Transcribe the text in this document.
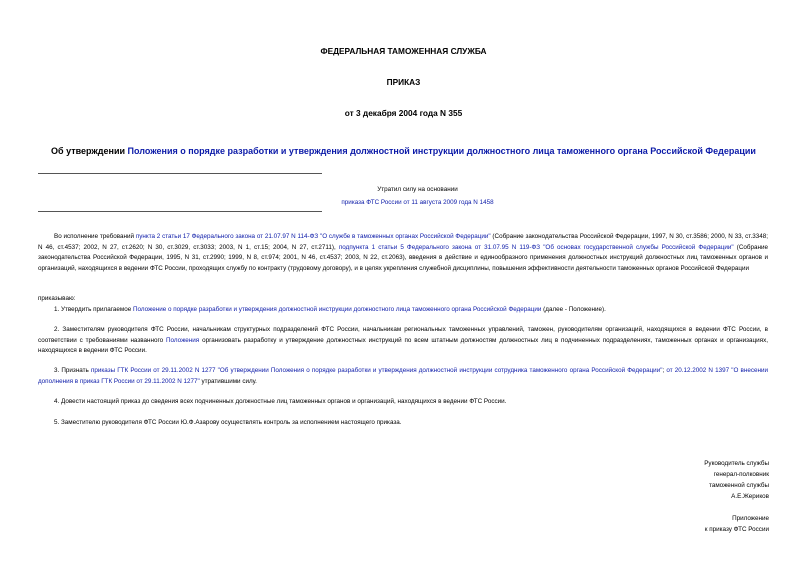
ФЕДЕРАЛЬНАЯ ТАМОЖЕННАЯ СЛУЖБА
ПРИКАЗ
от 3 декабря 2004 года N 355
Об утверждении Положения о порядке разработки и утверждения должностной инструкции должностного лица таможенного органа Российской Федерации
Утратил силу на основании
приказа ФТС России от 11 августа 2009 года N 1458
Во исполнение требований пункта 2 статьи 17 Федерального закона от 21.07.97 N 114-ФЗ "О службе в таможенных органах Российской Федерации" (Собрание законодательства Российской Федерации, 1997, N 30, ст.3586; 2000, N 33, ст.3348; N 46, ст.4537; 2002, N 27, ст.2620; N 30, ст.3029, ст.3033; 2003, N 1, ст.15; 2004, N 27, ст.2711), подпункта 1 статьи 5 Федерального закона от 31.07.95 N 119-ФЗ "Об основах государственной службы Российской Федерации" (Собрание законодательства Российской Федерации, 1995, N 31, ст.2990; 1999, N 8, ст.974; 2001, N 46, ст.4537; 2003, N 22, ст.2063), введения в действие и единообразного применения должностных инструкций должностных лиц таможенных органов и организаций, находящихся в ведении ФТС России, проходящих службу по контракту (трудовому договору), и в целях укрепления служебной дисциплины, повышения эффективности деятельности таможенных органов Российской Федерации
приказываю:
1. Утвердить прилагаемое Положение о порядке разработки и утверждения должностной инструкции должностного лица таможенного органа Российской Федерации (далее - Положение).
2. Заместителям руководителя ФТС России, начальникам структурных подразделений ФТС России, начальникам региональных таможенных управлений, таможен, руководителям организаций, находящихся в ведении ФТС России, в соответствии с требованиями названного Положения организовать разработку и утверждение должностных инструкций по всем штатным должностям должностных лиц в подчиненных подразделениях, таможенных органах и организациях, находящихся в ведении ФТС России.
3. Признать приказы ГТК России от 29.11.2002 N 1277 "Об утверждении Положения о порядке разработки и утверждения должностной инструкции сотрудника таможенного органа Российской Федерации"; от 20.12.2002 N 1397 "О внесении дополнения в приказ ГТК России от 29.11.2002 N 1277" утратившими силу.
4. Довести настоящий приказ до сведения всех подчиненных должностные лиц таможенных органов и организаций, находящихся в ведении ФТС России.
5. Заместителю руководителя ФТС России Ю.Ф.Азарову осуществлять контроль за исполнением настоящего приказа.
Руководитель службы
генерал-полковник
таможенной службы
А.Е.Жериков
Приложение
к приказу ФТС России
